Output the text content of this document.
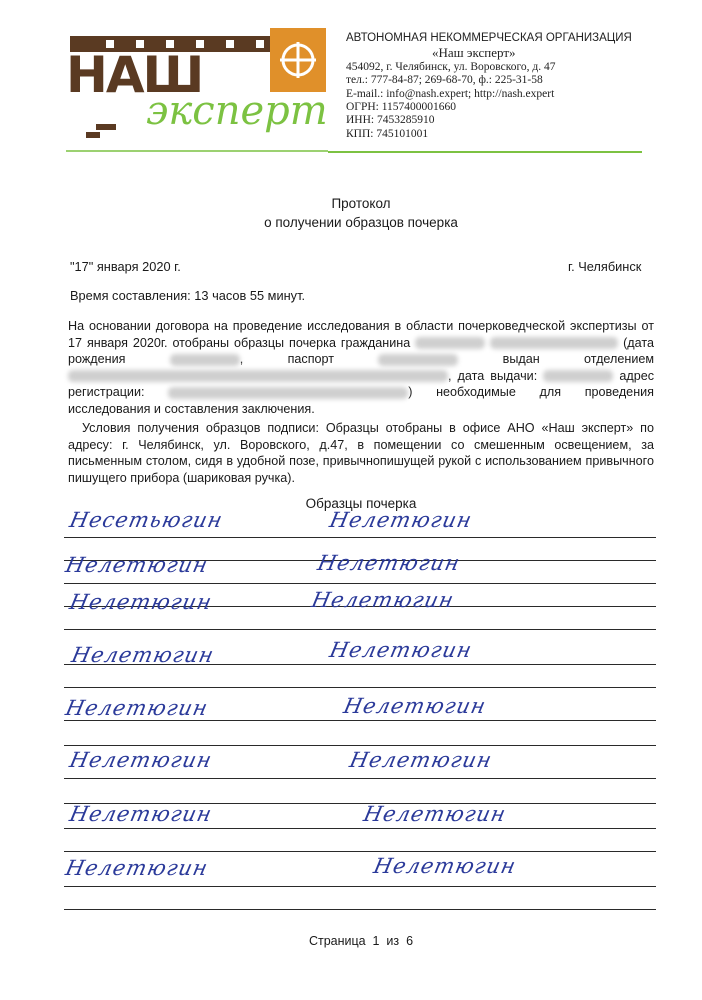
НАШ
эксперт
АВТОНОМНАЯ НЕКОММЕРЧЕСКАЯ ОРГАНИЗАЦИЯ
«Наш эксперт»
454092, г. Челябинск, ул. Воровского, д. 47
тел.: 777-84-87; 269-68-70, ф.: 225-31-58
E-mail.: info@nash.expert; http://nash.expert
ОГРН: 1157400001660
ИНН: 7453285910
КПП: 745101001
Протокол
о получении образцов почерка
"17" января 2020 г.	г. Челябинск
Время составления: 13 часов 55 минут.
На основании договора на проведение исследования в области почерковедческой экспертизы от 17 января 2020г. отобраны образцы почерка гражданина	(дата рождения	, паспорт	выдан отделением , дата выдачи:	адрес регистрации:	) необходимые для проведения исследования и составления заключения.
Условия получения образцов подписи: Образцы отобраны в офисе АНО «Наш эксперт» по адресу: г. Челябинск, ул. Воровского, д.47, в помещении со смешенным освещением, за письменным столом, сидя в удобной позе, привычнопишущей рукой с использованием привычного пишущего прибора (шариковая ручка).
Образцы почерка
Несетьюгин	Нелетюгин
Нелетюгин	Нелетюгин
Нелетюгин	Нелетюгин
Нелетюгин	Нелетюгин
Нелетюгин	Нелетюгин
Нелетюгин	Нелетюгин
Нелетюгин	Нелетюгин
Нелетюгин	Нелетюгин
Страница  1  из  6
